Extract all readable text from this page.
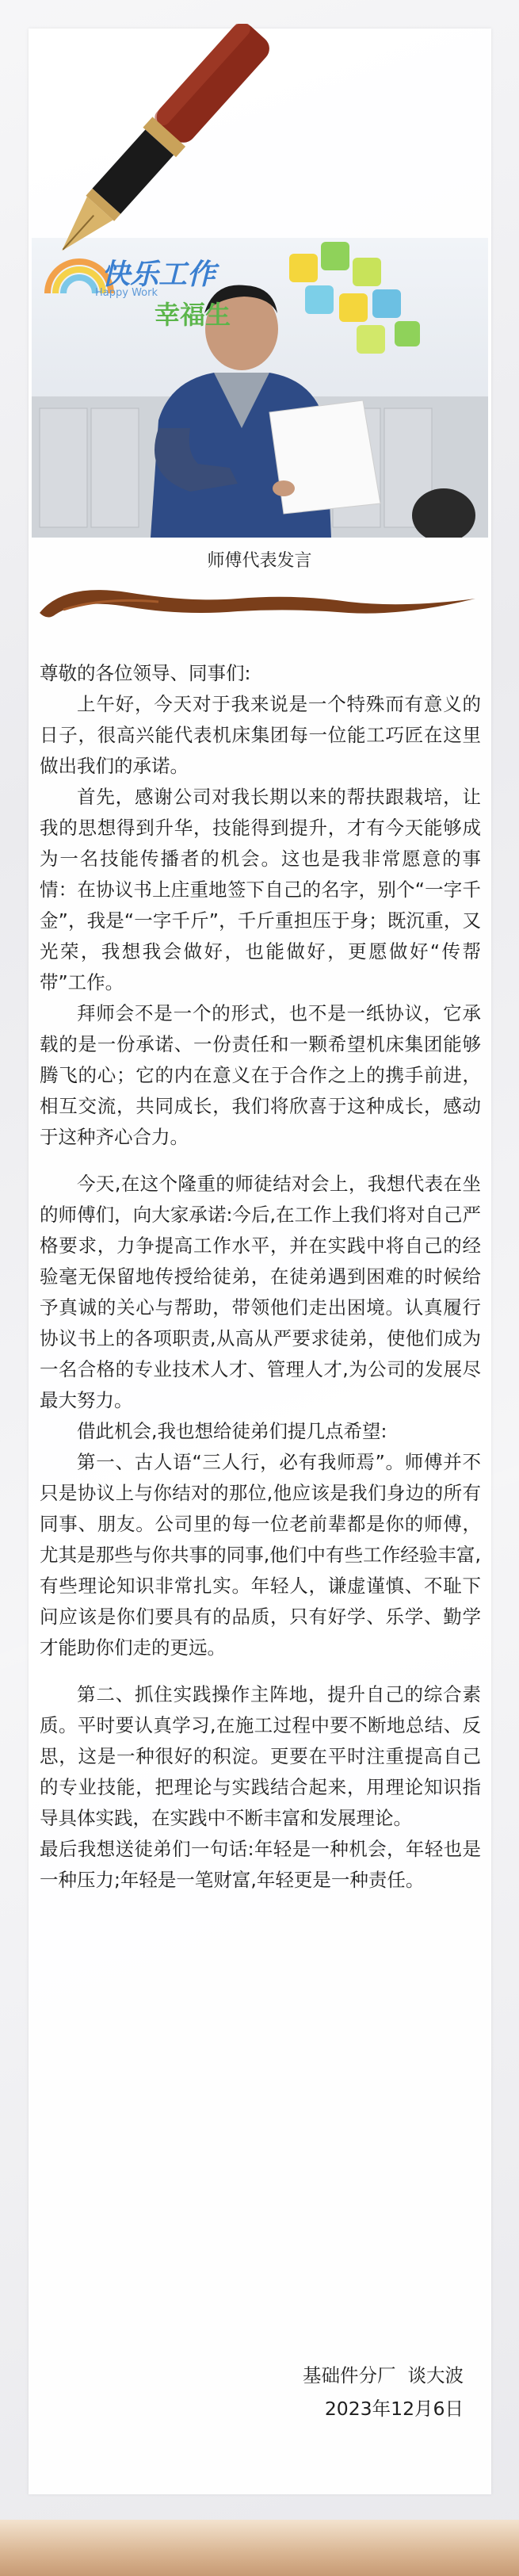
快乐工作
Happy Work
幸福生
师傅代表发言

尊敬的各位领导、同事们:

上午好，今天对于我来说是一个特殊而有意义的日子，很高兴能代表机床集团每一位能工巧匠在这里做出我们的承诺。

首先，感谢公司对我长期以来的帮扶跟栽培，让我的思想得到升华，技能得到提升，才有今天能够成为一名技能传播者的机会。这也是我非常愿意的事情：在协议书上庄重地签下自己的名字，别个“一字千金”，我是“一字千斤”，千斤重担压于身；既沉重，又光荣，我想我会做好，也能做好，更愿做好“传帮带”工作。

拜师会不是一个的形式，也不是一纸协议，它承载的是一份承诺、一份责任和一颗希望机床集团能够腾飞的心；它的内在意义在于合作之上的携手前进，相互交流，共同成长，我们将欣喜于这种成长，感动于这种齐心合力。

今天,在这个隆重的师徒结对会上，我想代表在坐的师傅们，向大家承诺:今后,在工作上我们将对自己严格要求，力争提高工作水平，并在实践中将自己的经验毫无保留地传授给徒弟，在徒弟遇到困难的时候给予真诚的关心与帮助，带领他们走出困境。认真履行协议书上的各项职责,从高从严要求徒弟，使他们成为一名合格的专业技术人才、管理人才,为公司的发展尽最大努力。

借此机会,我也想给徒弟们提几点希望:

第一、古人语“三人行，必有我师焉”。师傅并不只是协议上与你结对的那位,他应该是我们身边的所有同事、朋友。公司里的每一位老前辈都是你的师傅，尤其是那些与你共事的同事,他们中有些工作经验丰富,有些理论知识非常扎实。年轻人，谦虚谨慎、不耻下问应该是你们要具有的品质，只有好学、乐学、勤学才能助你们走的更远。

第二、抓住实践操作主阵地，提升自己的综合素质。平时要认真学习,在施工过程中要不断地总结、反思，这是一种很好的积淀。更要在平时注重提高自己的专业技能，把理论与实践结合起来，用理论知识指导具体实践，在实践中不断丰富和发展理论。

最后我想送徒弟们一句话:年轻是一种机会，年轻也是一种压力;年轻是一笔财富,年轻更是一种责任。

基础件分厂  谈大波
2023年12月6日
